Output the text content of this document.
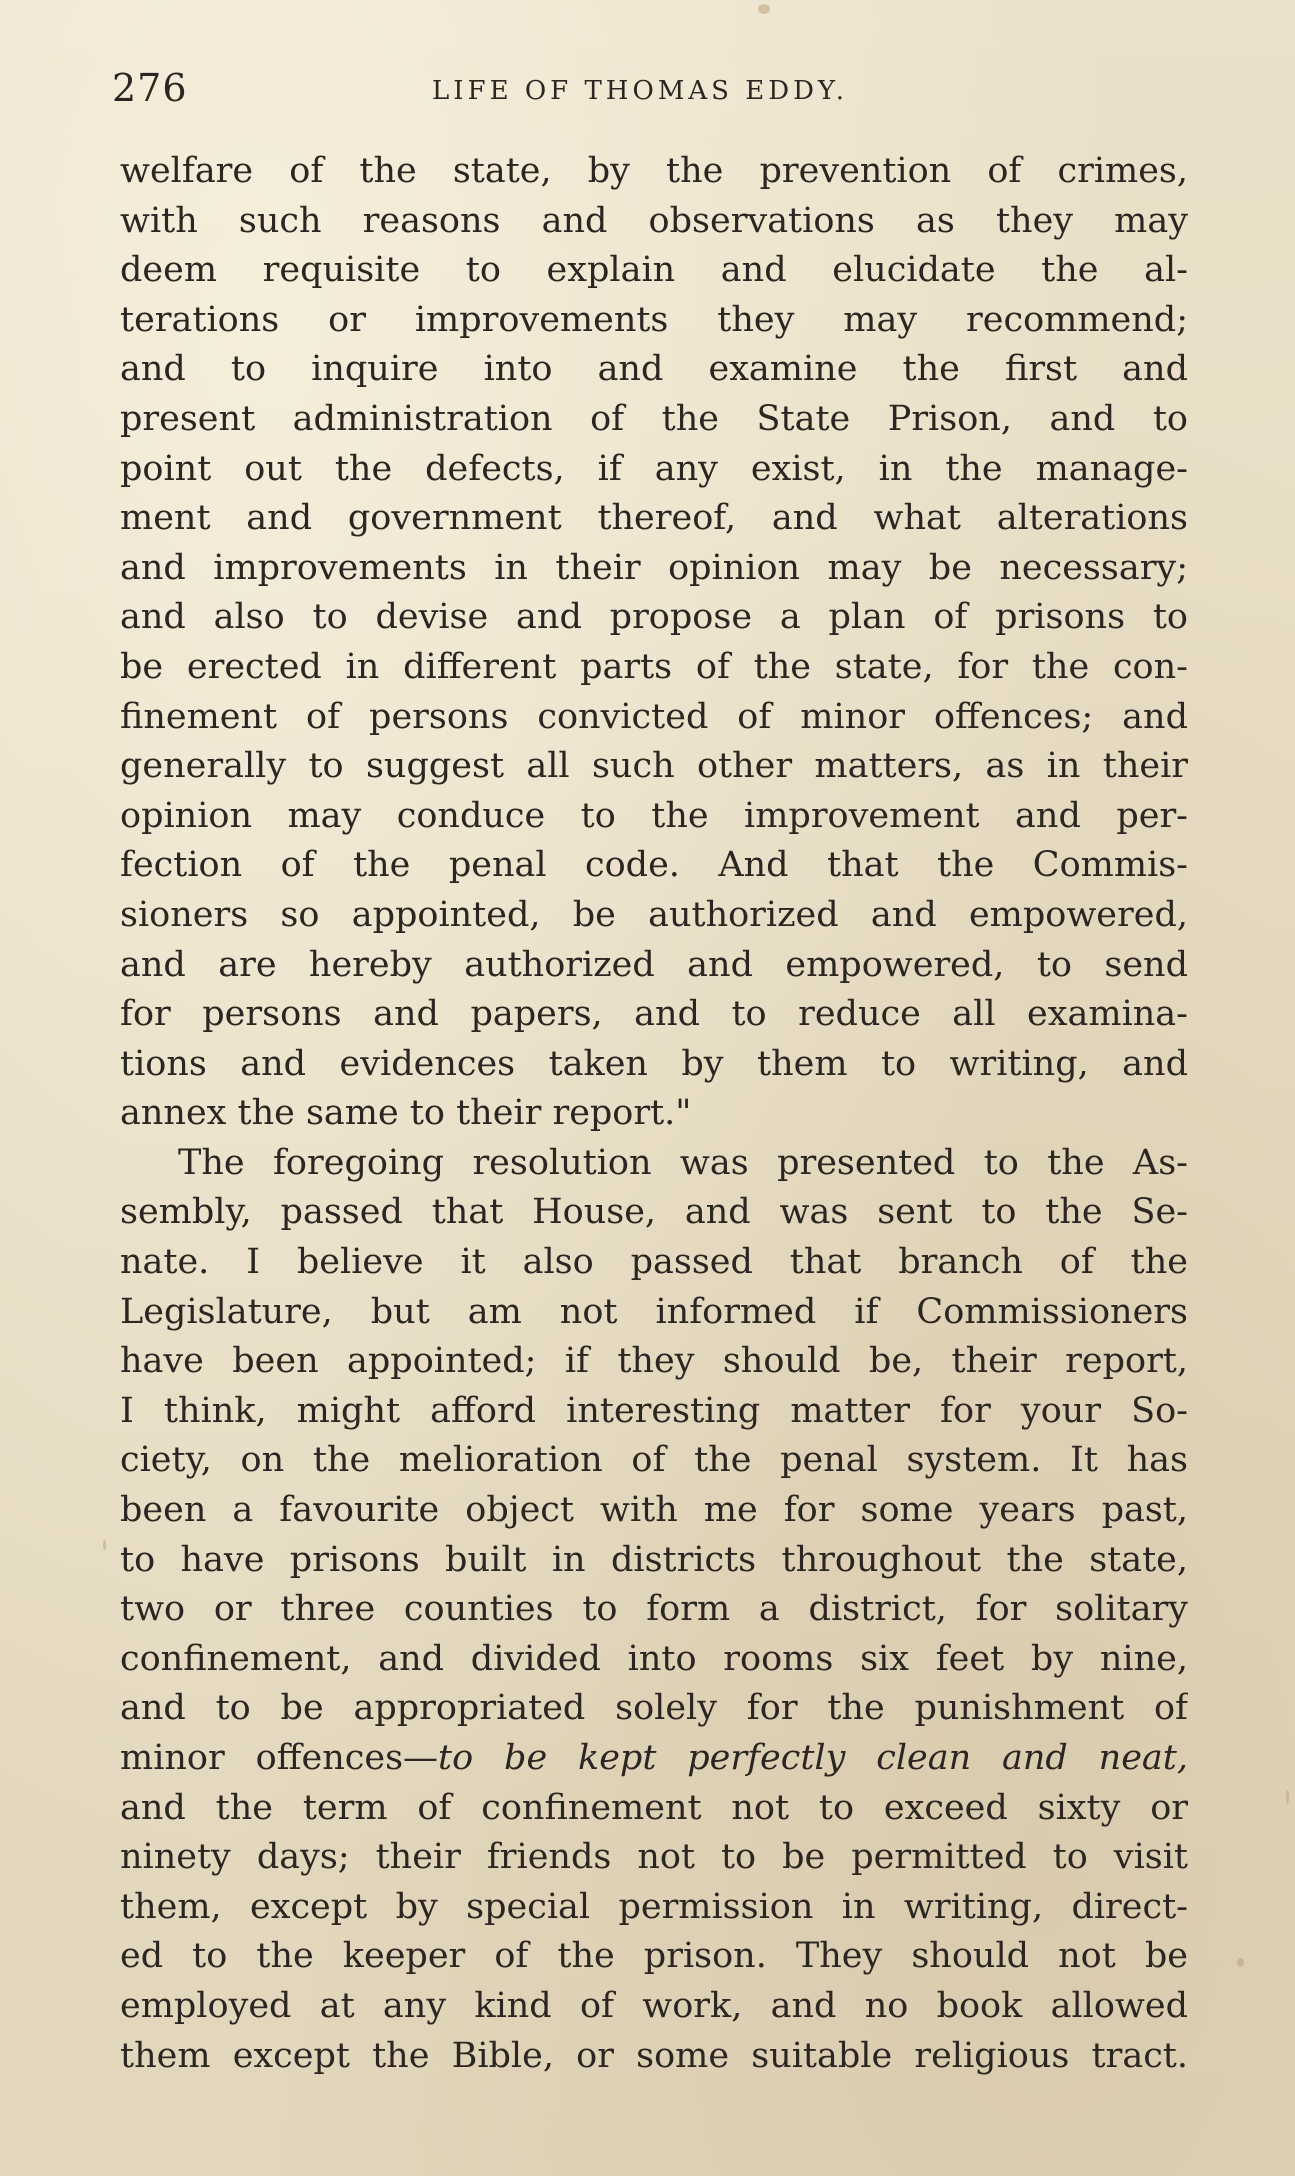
276	LIFE OF THOMAS EDDY.
welfare of the state, by the prevention of crimes,
with such reasons and observations as they may
deem requisite to explain and elucidate the al-
terations or improvements they may recommend;
and to inquire into and examine the first and
present administration of the State Prison, and to
point out the defects, if any exist, in the manage-
ment and government thereof, and what alterations
and improvements in their opinion may be necessary;
and also to devise and propose a plan of prisons to
be erected in different parts of the state, for the con-
finement of persons convicted of minor offences; and
generally to suggest all such other matters, as in their
opinion may conduce to the improvement and per-
fection of the penal code. And that the Commis-
sioners so appointed, be authorized and empowered,
and are hereby authorized and empowered, to send
for persons and papers, and to reduce all examina-
tions and evidences taken by them to writing, and
annex the same to their report."
The foregoing resolution was presented to the As-
sembly, passed that House, and was sent to the Se-
nate. I believe it also passed that branch of the
Legislature, but am not informed if Commissioners
have been appointed; if they should be, their report,
I think, might afford interesting matter for your So-
ciety, on the melioration of the penal system. It has
been a favourite object with me for some years past,
to have prisons built in districts throughout the state,
two or three counties to form a district, for solitary
confinement, and divided into rooms six feet by nine,
and to be appropriated solely for the punishment of
minor offences—to be kept perfectly clean and neat,
and the term of confinement not to exceed sixty or
ninety days; their friends not to be permitted to visit
them, except by special permission in writing, direct-
ed to the keeper of the prison. They should not be
employed at any kind of work, and no book allowed
them except the Bible, or some suitable religious tract.
